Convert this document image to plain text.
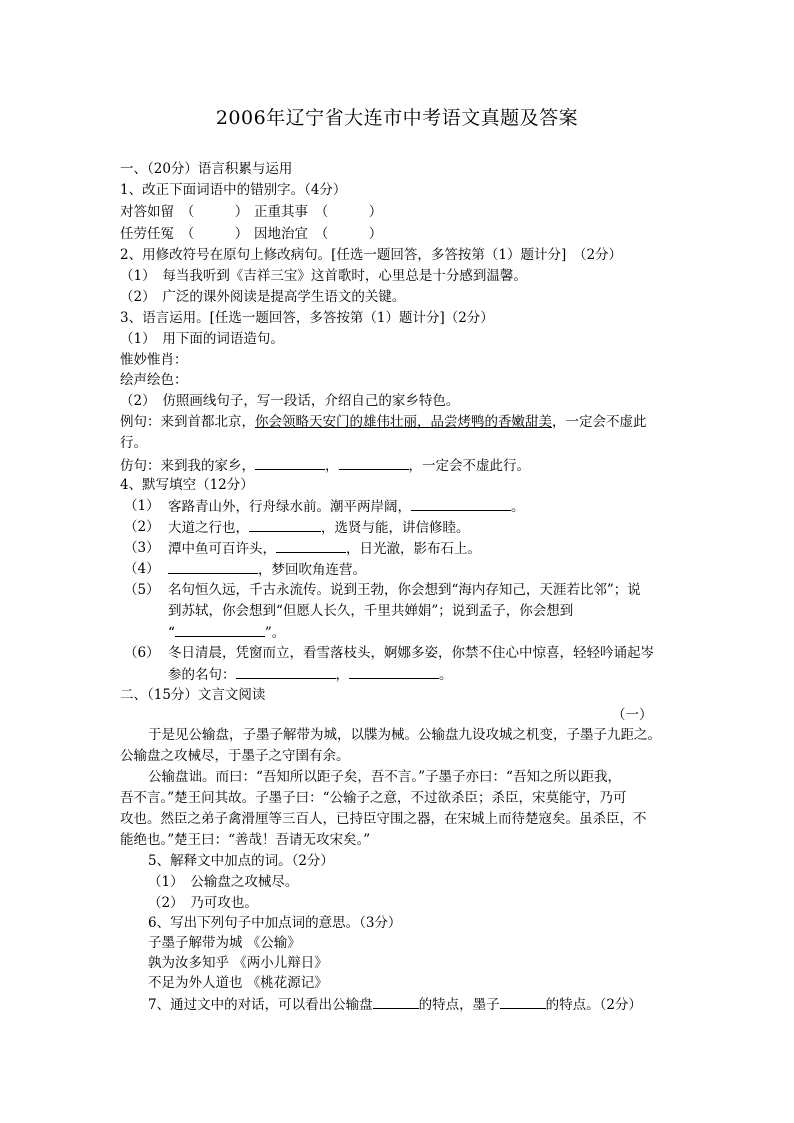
2006年辽宁省大连市中考语文真题及答案
一、（20分）语言积累与运用
1、改正下面词语中的错别字。（4分）
对答如留　（　　　） 正重其事　（　　　）
任劳任冤　（　　　） 因地治宜　（　　　）
2、用修改符号在原句上修改病句。[任选一题回答，多答按第（1）题计分]　（2分）
（1）　每当我听到《吉祥三宝》这首歌时，心里总是十分感到温馨。
（2）　广泛的课外阅读是提高学生语文的关键。
3、语言运用。[任选一题回答，多答按第（1）题计分]（2分）
（1）　用下面的词语造句。
惟妙惟肖：
绘声绘色：
（2）　仿照画线句子，写一段话，介绍自己的家乡特色。
例句：来到首都北京，你会领略天安门的雄伟壮丽，品尝烤鸭的香嫩甜美，一定会不虚此
行。
仿句：来到我的家乡，	，	，一定会不虚此行。
4、默写填空（12分）
（1） 客路青山外，行舟绿水前。潮平两岸阔，	。
（2） 大道之行也，	，选贤与能，讲信修睦。
（3） 潭中鱼可百许头，	，日光澈，影布石上。
（4）	，梦回吹角连营。
（5） 名句恒久远，千古永流传。说到王勃，你会想到“海内存知己，天涯若比邻”；说
到苏轼，你会想到“但愿人长久，千里共婵娟”；说到孟子，你会想到
“	”。
（6） 冬日清晨，凭窗而立，看雪落枝头，婀娜多姿，你禁不住心中惊喜，轻轻吟诵起岑
参的名句：	，	。
二、（15分）文言文阅读
（一）
于是见公输盘，子墨子解带为城，以牒为械。公输盘九设攻城之机变，子墨子九距之。
公输盘之攻械尽，于墨子之守圉有余。
公输盘诎。而曰：“吾知所以距子矣，吾不言。”子墨子亦曰：“吾知之所以距我，
吾不言。”楚王问其故。子墨子曰：“公输子之意，不过欲杀臣；杀臣，宋莫能守，乃可
攻也。然臣之弟子禽滑厘等三百人，已持臣守围之器，在宋城上而待楚寇矣。虽杀臣，不
能绝也。”楚王曰：“善哉！吾请无攻宋矣。”
5、解释文中加点的词。（2分）
（1）　公输盘之攻械尽。
（2）　乃可攻也。
6、写出下列句子中加点词的意思。（3分）
子墨子解带为城 《公输》
孰为汝多知乎 《两小儿辩日》
不足为外人道也 《桃花源记》
7、通过文中的对话，可以看出公输盘	的特点，墨子	的特点。（2分）
